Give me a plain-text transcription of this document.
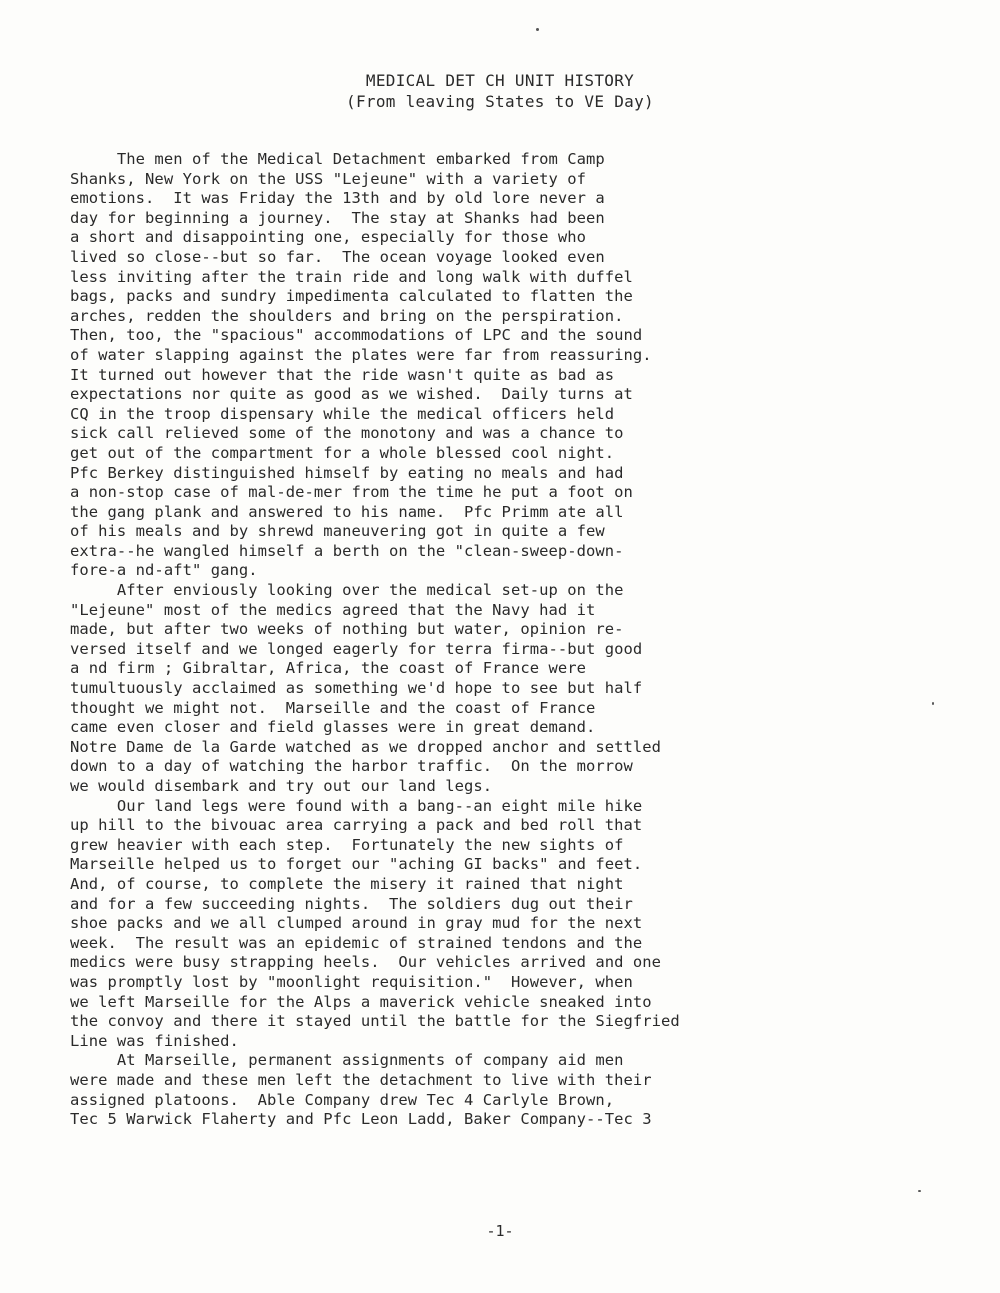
MEDICAL DET CH UNIT HISTORY
(From leaving States to VE Day)
The men of the Medical Detachment embarked from Camp
Shanks, New York on the USS "Lejeune" with a variety of
emotions.  It was Friday the 13th and by old lore never a
day for beginning a journey.  The stay at Shanks had been
a short and disappointing one, especially for those who
lived so close--but so far.  The ocean voyage looked even
less inviting after the train ride and long walk with duffel
bags, packs and sundry impedimenta calculated to flatten the
arches, redden the shoulders and bring on the perspiration.
Then, too, the "spacious" accommodations of LPC and the sound
of water slapping against the plates were far from reassuring.
It turned out however that the ride wasn't quite as bad as
expectations nor quite as good as we wished.  Daily turns at
CQ in the troop dispensary while the medical officers held
sick call relieved some of the monotony and was a chance to
get out of the compartment for a whole blessed cool night.
Pfc Berkey distinguished himself by eating no meals and had
a non-stop case of mal-de-mer from the time he put a foot on
the gang plank and answered to his name.  Pfc Primm ate all
of his meals and by shrewd maneuvering got in quite a few
extra--he wangled himself a berth on the "clean-sweep-down-
fore-a nd-aft" gang.
After enviously looking over the medical set-up on the
"Lejeune" most of the medics agreed that the Navy had it
made, but after two weeks of nothing but water, opinion re-
versed itself and we longed eagerly for terra firma--but good
a nd firm ; Gibraltar, Africa, the coast of France were
tumultuously acclaimed as something we'd hope to see but half
thought we might not.  Marseille and the coast of France
came even closer and field glasses were in great demand.
Notre Dame de la Garde watched as we dropped anchor and settled
down to a day of watching the harbor traffic.  On the morrow
we would disembark and try out our land legs.
Our land legs were found with a bang--an eight mile hike
up hill to the bivouac area carrying a pack and bed roll that
grew heavier with each step.  Fortunately the new sights of
Marseille helped us to forget our "aching GI backs" and feet.
And, of course, to complete the misery it rained that night
and for a few succeeding nights.  The soldiers dug out their
shoe packs and we all clumped around in gray mud for the next
week.  The result was an epidemic of strained tendons and the
medics were busy strapping heels.  Our vehicles arrived and one
was promptly lost by "moonlight requisition."  However, when
we left Marseille for the Alps a maverick vehicle sneaked into
the convoy and there it stayed until the battle for the Siegfried
Line was finished.
At Marseille, permanent assignments of company aid men
were made and these men left the detachment to live with their
assigned platoons.  Able Company drew Tec 4 Carlyle Brown,
Tec 5 Warwick Flaherty and Pfc Leon Ladd, Baker Company--Tec 3
-1-
